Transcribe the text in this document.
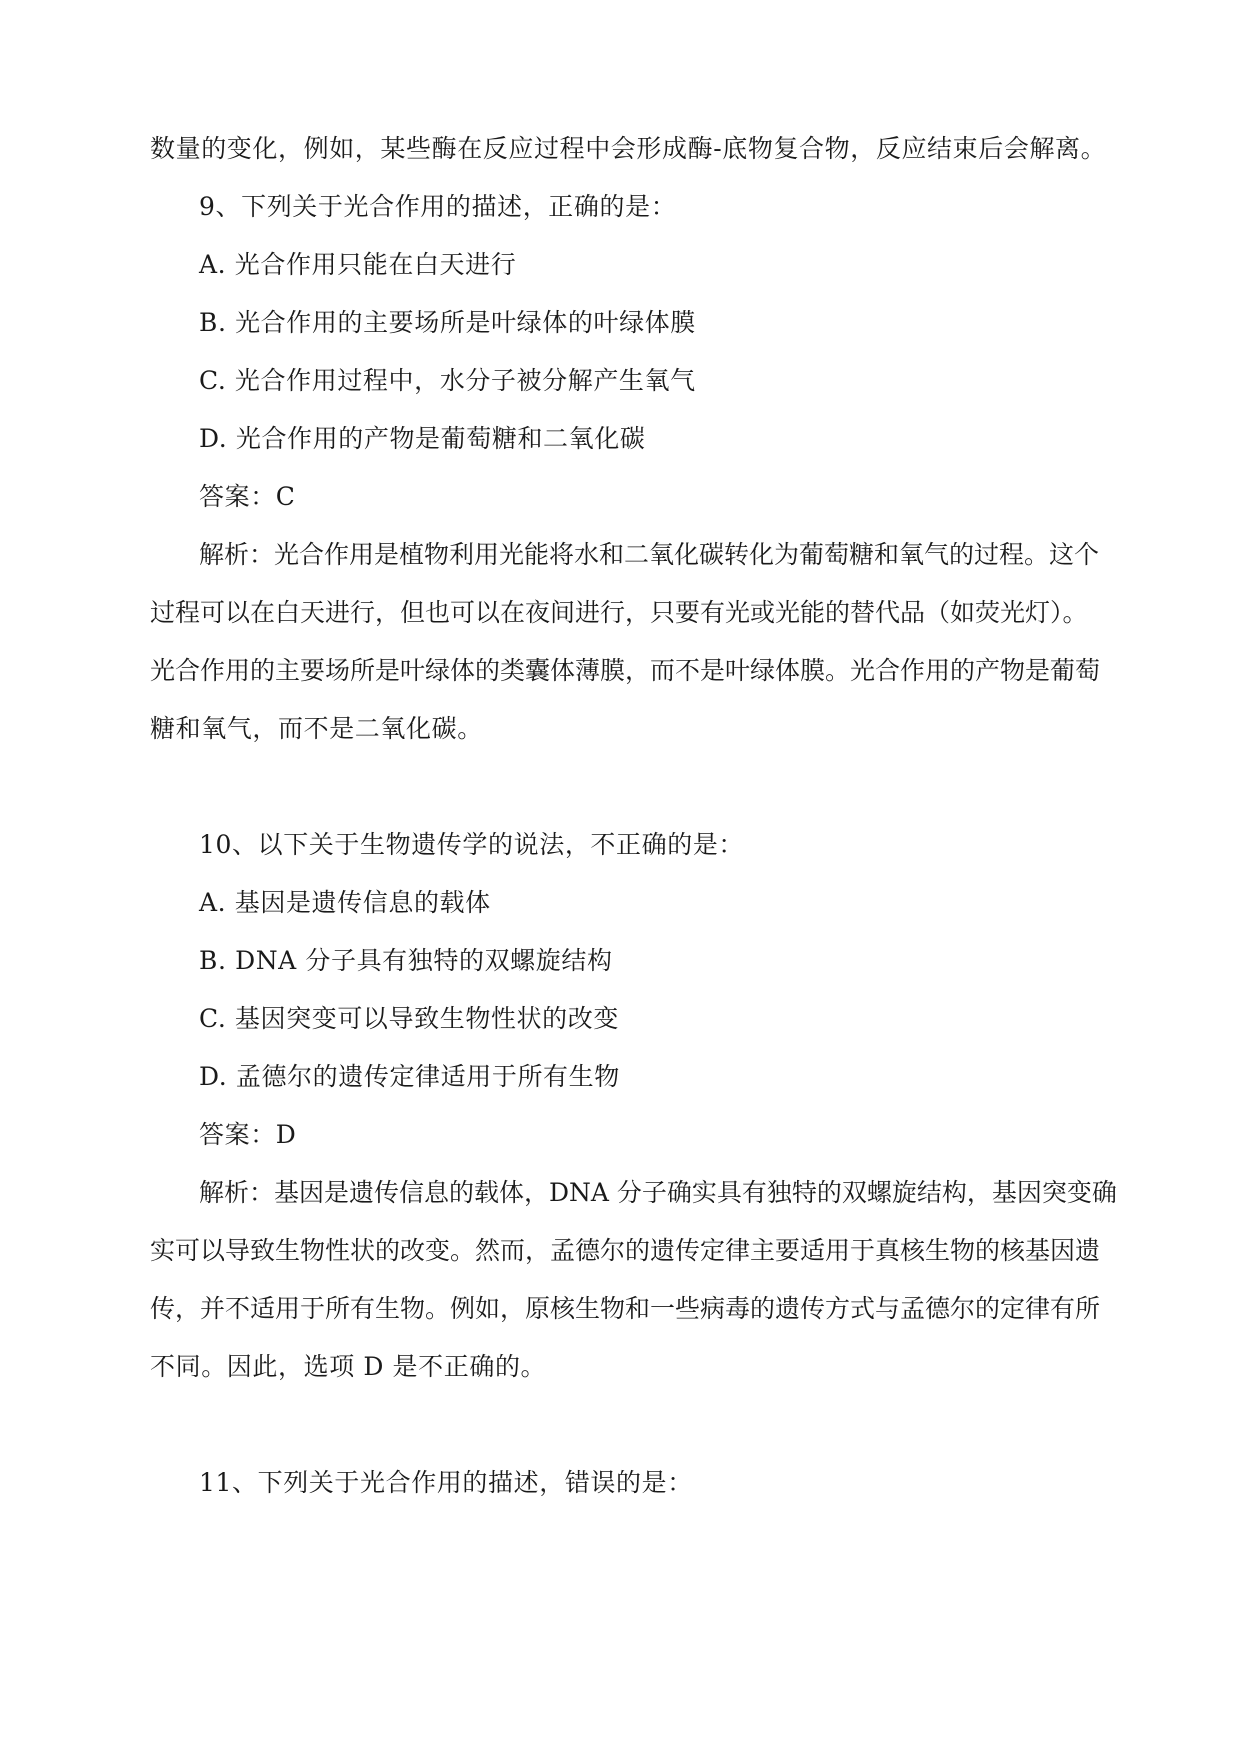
数量的变化，例如，某些酶在反应过程中会形成酶-底物复合物，反应结束后会解离。
9、下列关于光合作用的描述，正确的是：
A. 光合作用只能在白天进行
B. 光合作用的主要场所是叶绿体的叶绿体膜
C. 光合作用过程中，水分子被分解产生氧气
D. 光合作用的产物是葡萄糖和二氧化碳
答案：C
解析：光合作用是植物利用光能将水和二氧化碳转化为葡萄糖和氧气的过程。这个
过程可以在白天进行，但也可以在夜间进行，只要有光或光能的替代品（如荧光灯）。
光合作用的主要场所是叶绿体的类囊体薄膜，而不是叶绿体膜。光合作用的产物是葡萄
糖和氧气，而不是二氧化碳。
10、以下关于生物遗传学的说法，不正确的是：
A. 基因是遗传信息的载体
B. DNA 分子具有独特的双螺旋结构
C. 基因突变可以导致生物性状的改变
D. 孟德尔的遗传定律适用于所有生物
答案：D
解析：基因是遗传信息的载体，DNA 分子确实具有独特的双螺旋结构，基因突变确
实可以导致生物性状的改变。然而，孟德尔的遗传定律主要适用于真核生物的核基因遗
传，并不适用于所有生物。例如，原核生物和一些病毒的遗传方式与孟德尔的定律有所
不同。因此，选项 D 是不正确的。
11、下列关于光合作用的描述，错误的是：
